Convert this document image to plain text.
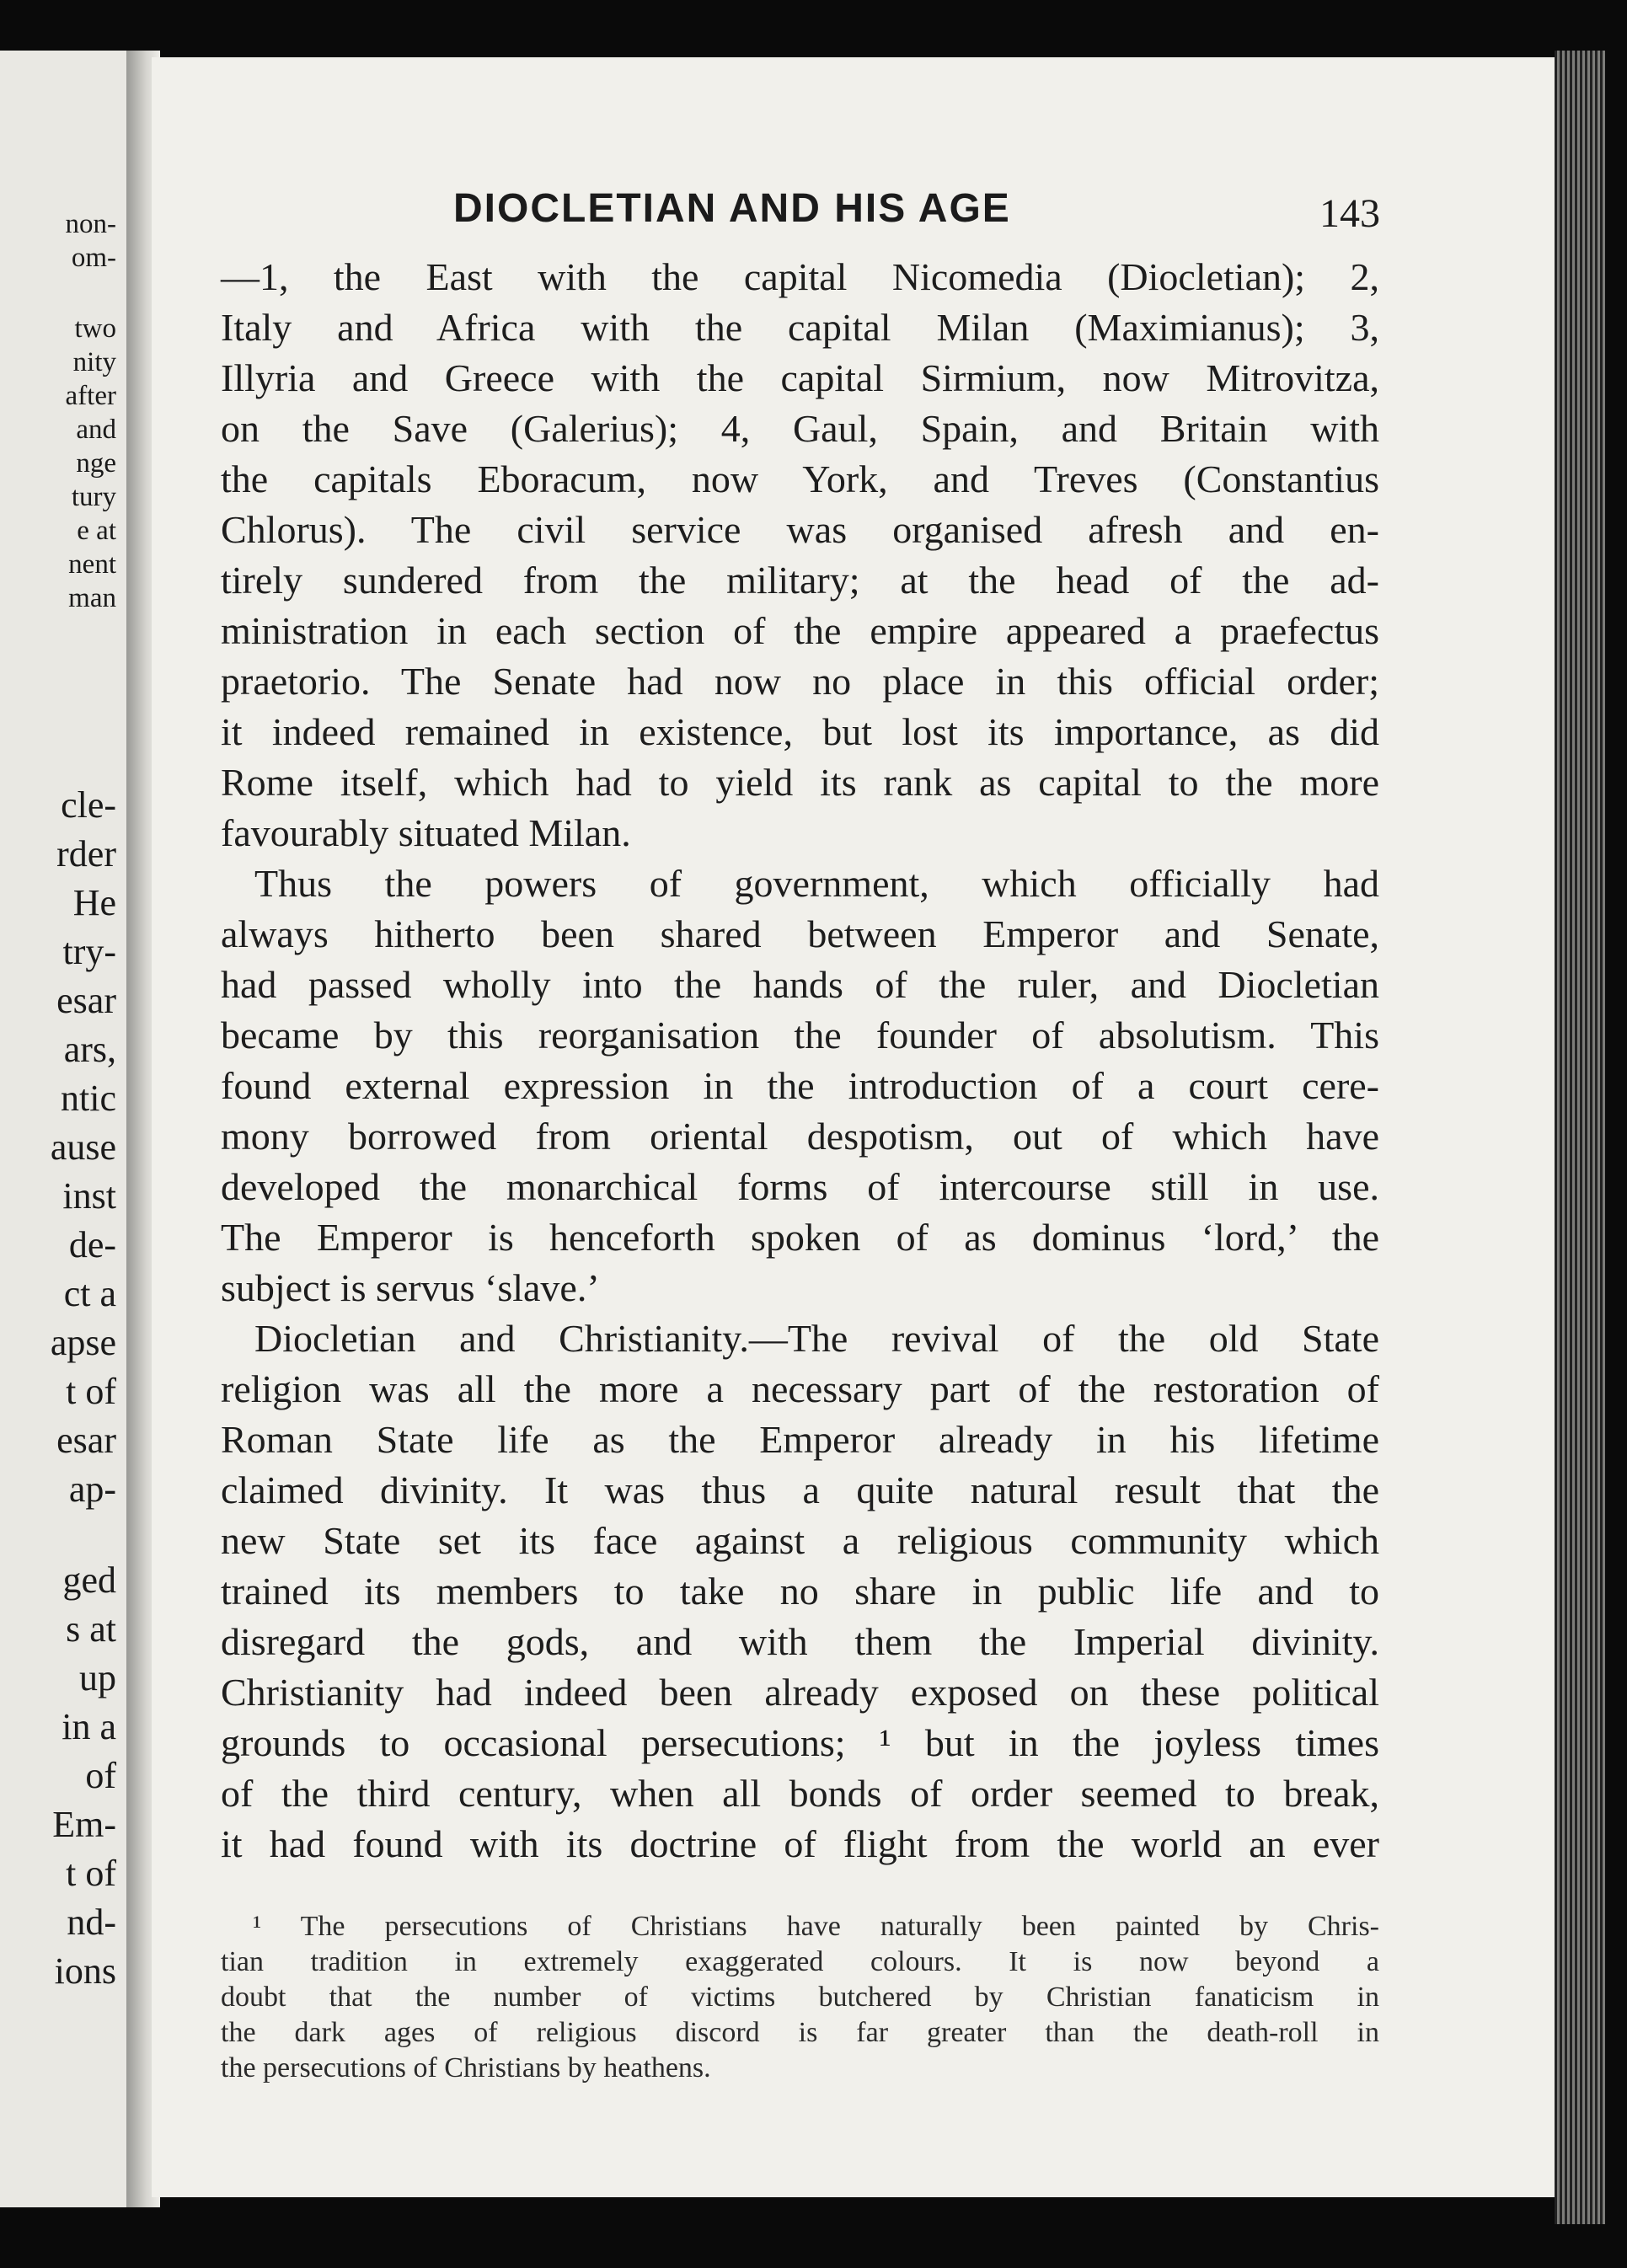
non-
om-
two
nity
after
and
nge
tury
e at
nent
man
cle-
rder
He
try-
esar
ars,
ntic
ause
inst
de-
ct a
apse
t of
esar
ap-
ged
s at
up
in a
of
Em-
t of
nd-
ions
DIOCLETIAN AND HIS AGE	143
—1, the East with the capital Nicomedia (Diocletian); 2,
Italy and Africa with the capital Milan (Maximianus); 3,
Illyria and Greece with the capital Sirmium, now Mitrovitza,
on the Save (Galerius); 4, Gaul, Spain, and Britain with
the capitals Eboracum, now York, and Treves (Constantius
Chlorus). The civil service was organised afresh and en-
tirely sundered from the military; at the head of the ad-
ministration in each section of the empire appeared a praefectus
praetorio. The Senate had now no place in this official order;
it indeed remained in existence, but lost its importance, as did
Rome itself, which had to yield its rank as capital to the more
favourably situated Milan.
Thus the powers of government, which officially had
always hitherto been shared between Emperor and Senate,
had passed wholly into the hands of the ruler, and Diocletian
became by this reorganisation the founder of absolutism. This
found external expression in the introduction of a court cere-
mony borrowed from oriental despotism, out of which have
developed the monarchical forms of intercourse still in use.
The Emperor is henceforth spoken of as dominus ‘lord,’ the
subject is servus ‘slave.’
Diocletian and Christianity.—The revival of the old State
religion was all the more a necessary part of the restoration of
Roman State life as the Emperor already in his lifetime
claimed divinity. It was thus a quite natural result that the
new State set its face against a religious community which
trained its members to take no share in public life and to
disregard the gods, and with them the Imperial divinity.
Christianity had indeed been already exposed on these political
grounds to occasional persecutions; ¹ but in the joyless times
of the third century, when all bonds of order seemed to break,
it had found with its doctrine of flight from the world an ever
¹ The persecutions of Christians have naturally been painted by Chris-
tian tradition in extremely exaggerated colours. It is now beyond a
doubt that the number of victims butchered by Christian fanaticism in
the dark ages of religious discord is far greater than the death-roll in
the persecutions of Christians by heathens.
